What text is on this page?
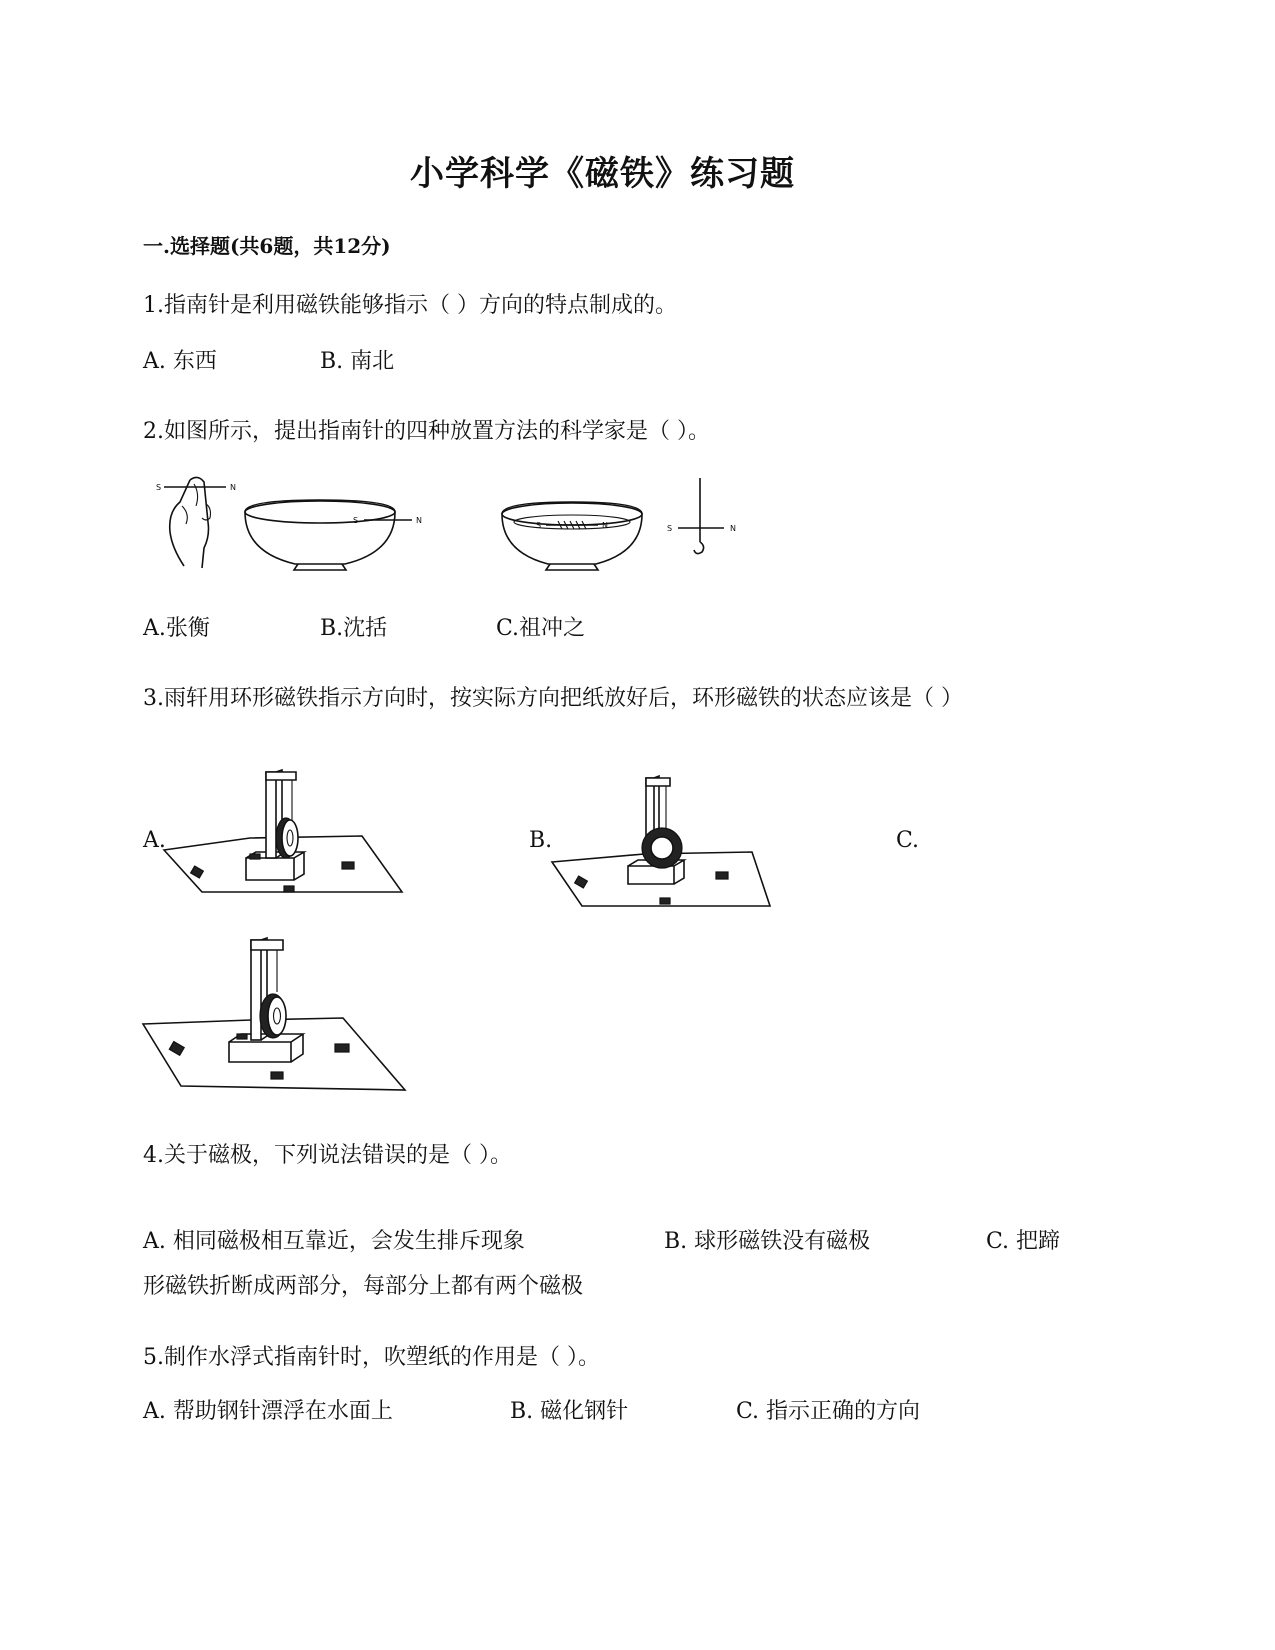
小学科学《磁铁》练习题
一.选择题(共6题，共12分)
1.指南针是利用磁铁能够指示（ ）方向的特点制成的。
A. 东西	B. 南北
2.如图所示，提出指南针的四种放置方法的科学家是（ ）。
S	N
S	N
S	N	S	N
A.张衡	B.沈括	C.祖冲之
3.雨轩用环形磁铁指示方向时，按实际方向把纸放好后，环形磁铁的状态应该是（ ）
A.	B.	C.
4.关于磁极，下列说法错误的是（ ）。
A. 相同磁极相互靠近，会发生排斥现象	B. 球形磁铁没有磁极	C. 把蹄
形磁铁折断成两部分，每部分上都有两个磁极
5.制作水浮式指南针时，吹塑纸的作用是（ ）。
A. 帮助钢针漂浮在水面上	B. 磁化钢针	C. 指示正确的方向
